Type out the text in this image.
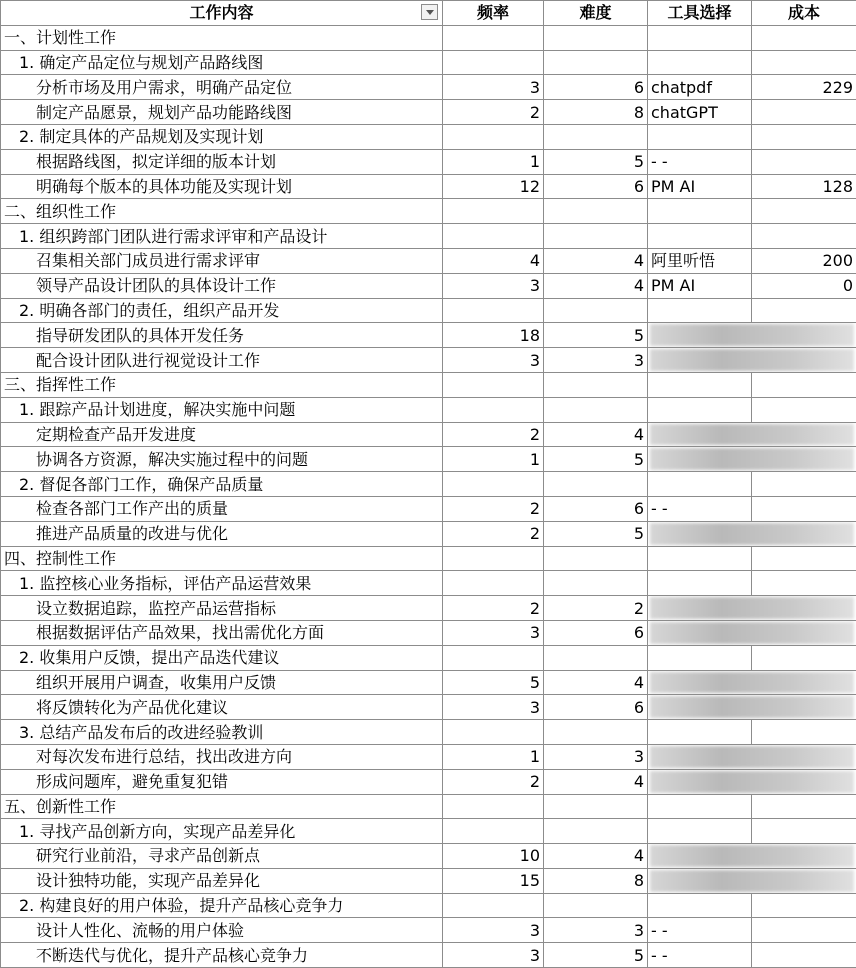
工作内容	频率	难度	工具选择	成本
一、计划性工作				
1. 确定产品定位与规划产品路线图				
分析市场及用户需求，明确产品定位	3	6	chatpdf	229
制定产品愿景，规划产品功能路线图	2	8	chatGPT	
2. 制定具体的产品规划及实现计划				
根据路线图，拟定详细的版本计划	1	5	- -	
明确每个版本的具体功能及实现计划	12	6	PM AI	128
二、组织性工作				
1. 组织跨部门团队进行需求评审和产品设计				
召集相关部门成员进行需求评审	4	4	阿里听悟	200
领导产品设计团队的具体设计工作	3	4	PM AI	0
2. 明确各部门的责任，组织产品开发				
指导研发团队的具体开发任务	18	5		

配合设计团队进行视觉设计工作	3	3		

三、指挥性工作				
1. 跟踪产品计划进度，解决实施中问题				
定期检查产品开发进度	2	4		

协调各方资源，解决实施过程中的问题	1	5		

2. 督促各部门工作，确保产品质量				
检查各部门工作产出的质量	2	6	- -	
推进产品质量的改进与优化	2	5		

四、控制性工作				
1. 监控核心业务指标，评估产品运营效果				
设立数据追踪，监控产品运营指标	2	2		

根据数据评估产品效果，找出需优化方面	3	6		

2. 收集用户反馈，提出产品迭代建议				
组织开展用户调查，收集用户反馈	5	4		

将反馈转化为产品优化建议	3	6		

3. 总结产品发布后的改进经验教训				
对每次发布进行总结，找出改进方向	1	3		

形成问题库，避免重复犯错	2	4		

五、创新性工作				
1. 寻找产品创新方向，实现产品差异化				
研究行业前沿，寻求产品创新点	10	4		

设计独特功能，实现产品差异化	15	8		

2. 构建良好的用户体验，提升产品核心竞争力				
设计人性化、流畅的用户体验	3	3	- -	
不断迭代与优化，提升产品核心竞争力	3	5	- -	
